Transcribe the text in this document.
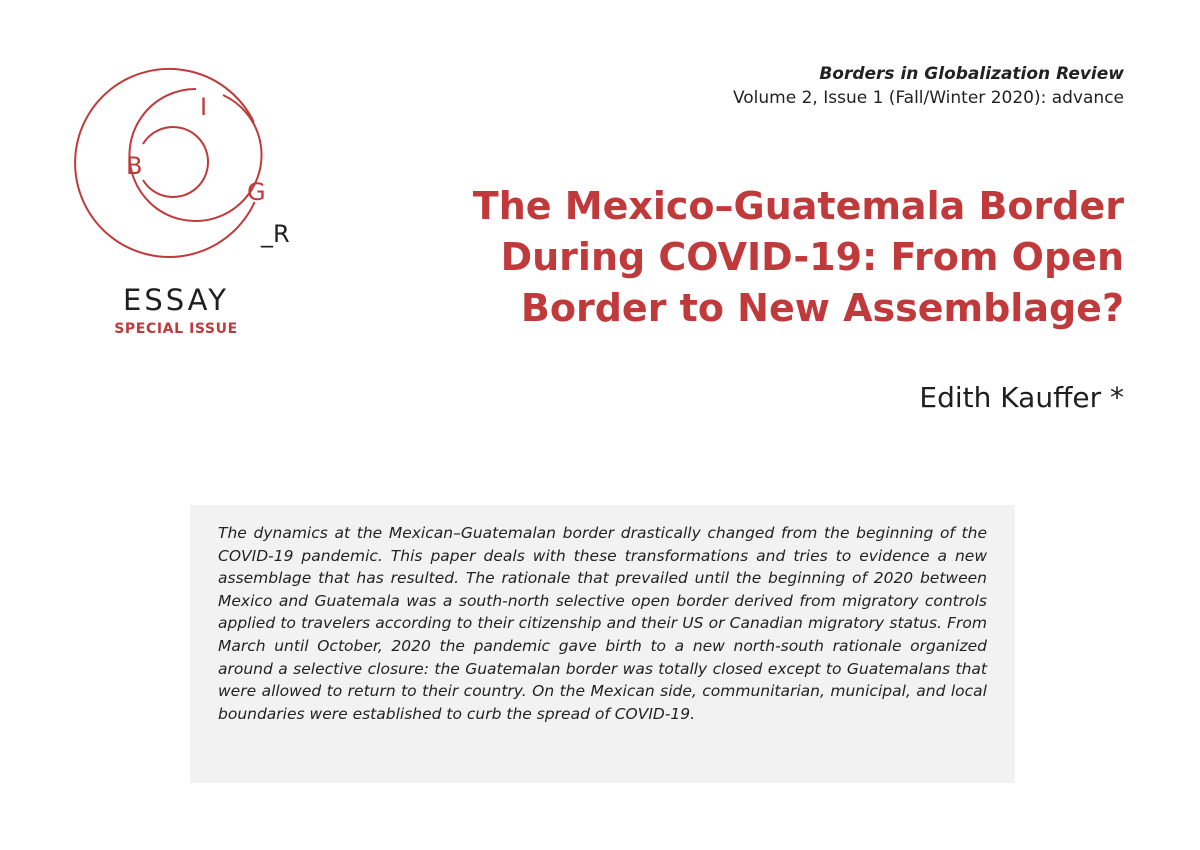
B
I
G
_R

ESSAY

SPECIAL ISSUE

Borders in Globalization Review

Volume 2, Issue 1 (Fall/Winter 2020): advance

The Mexico–Guatemala Border
During COVID-19: From Open
Border to New Assemblage?

Edith Kauffer *

The dynamics at the Mexican–Guatemalan border drastically changed from the beginning of the COVID-19 pandemic. This paper deals with these transformations and tries to evidence a new assemblage that has resulted. The rationale that prevailed until the beginning of 2020 between Mexico and Guatemala was a south-north selective open border derived from migratory controls applied to travelers according to their citizenship and their US or Canadian migratory status. From March until October, 2020 the pandemic gave birth to a new north-south rationale organized around a selective closure: the Guatemalan border was totally closed except to Guatemalans that were allowed to return to their country. On the Mexican side, communitarian, municipal, and local boundaries were established to curb the spread of COVID-19.
